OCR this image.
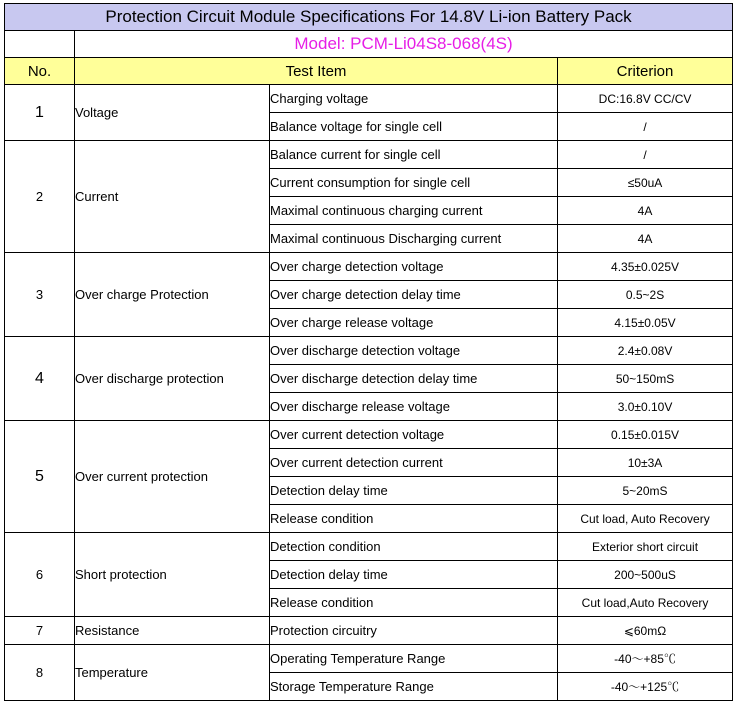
Protection Circuit Module Specifications For 14.8V Li-ion Battery Pack			
	Model: PCM-Li04S8-068(4S)		
No.	Test Item		Criterion
1	Voltage	Charging voltage	DC:16.8V CC/CV
		Balance voltage for single cell	/
2	Current	Balance current for single cell	/
		Current consumption for single cell	≤50uA
		Maximal continuous charging current	4A
		Maximal continuous Discharging current	4A
3	Over charge Protection	Over charge detection voltage	4.35±0.025V
		Over charge detection delay time	0.5~2S
		Over charge release voltage	4.15±0.05V
4	Over discharge protection	Over discharge detection voltage	2.4±0.08V
		Over discharge detection delay time	50~150mS
		Over discharge release voltage	3.0±0.10V
5	Over current protection	Over current detection voltage	0.15±0.015V
		Over current detection current	10±3A
		Detection delay time	5~20mS
		Release condition	Cut load, Auto Recovery
6	Short protection	Detection condition	Exterior short circuit
		Detection delay time	200~500uS
		Release condition	Cut load,Auto Recovery
7	Resistance	Protection circuitry	⩽60mΩ
8	Temperature	Operating Temperature Range	-40～+85℃
		Storage Temperature Range	-40～+125℃
